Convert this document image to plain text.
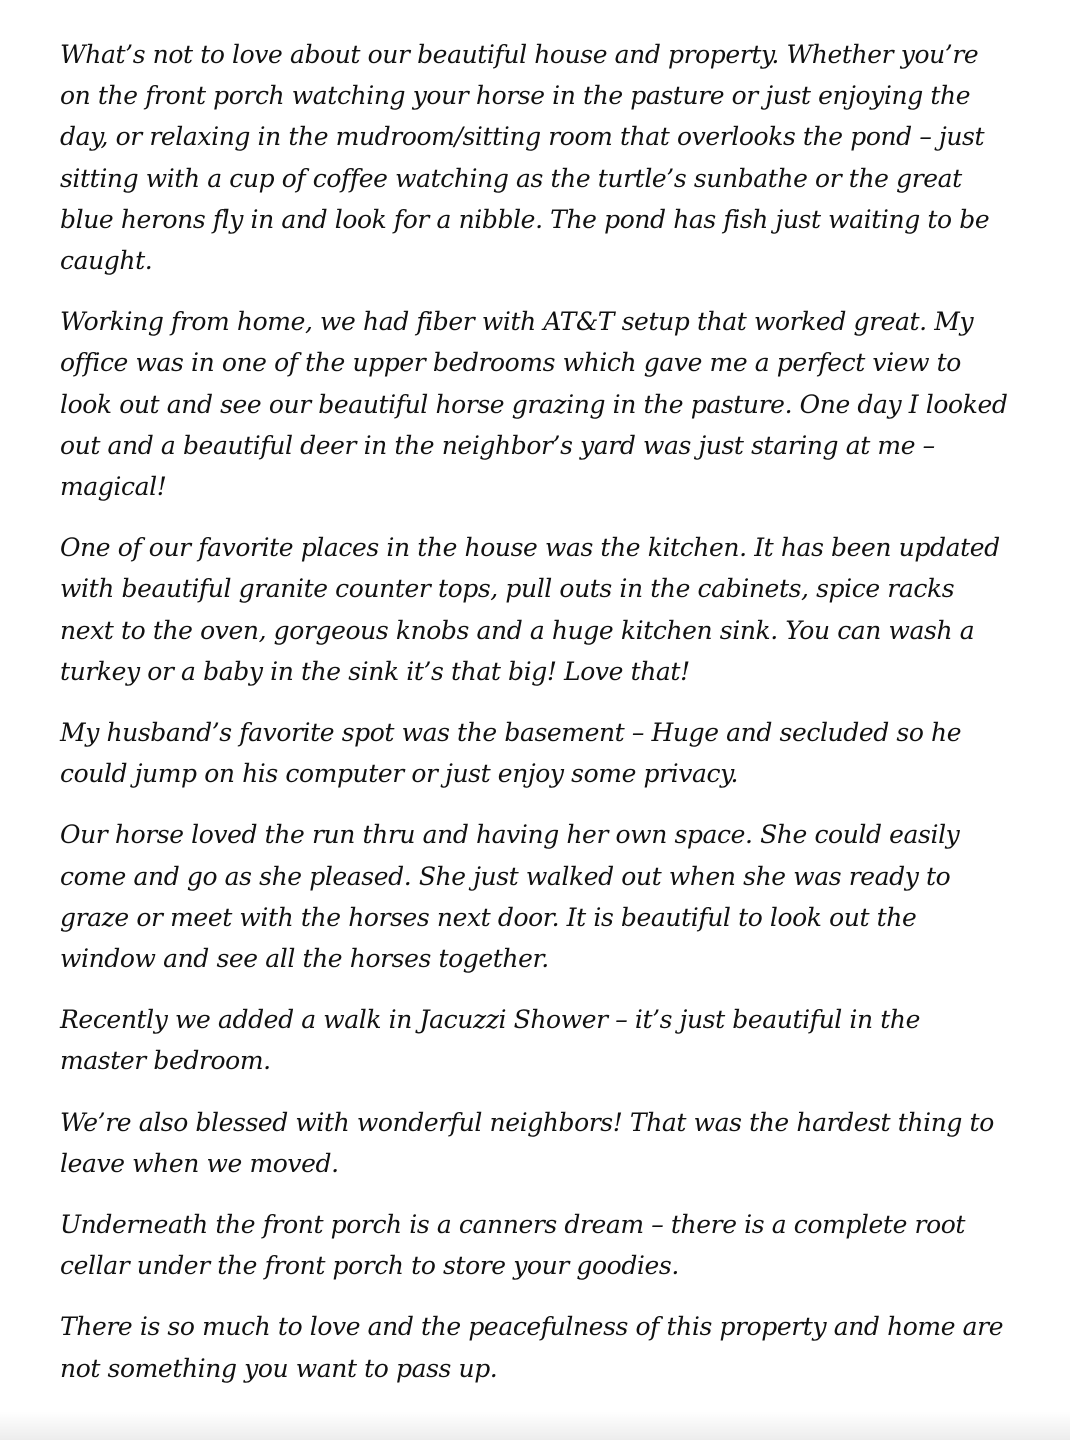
What’s not to love about our beautiful house and property. Whether you’re on the front porch watching your horse in the pasture or just enjoying the day, or relaxing in the mudroom/sitting room that overlooks the pond – just sitting with a cup of coffee watching as the turtle’s sunbathe or the great blue herons fly in and look for a nibble. The pond has fish just waiting to be caught.

Working from home, we had fiber with AT&T setup that worked great. My office was in one of the upper bedrooms which gave me a perfect view to look out and see our beautiful horse grazing in the pasture. One day I looked out and a beautiful deer in the neighbor’s yard was just staring at me – magical!

One of our favorite places in the house was the kitchen. It has been updated with beautiful granite counter tops, pull outs in the cabinets, spice racks next to the oven, gorgeous knobs and a huge kitchen sink. You can wash a turkey or a baby in the sink it’s that big! Love that!

My husband’s favorite spot was the basement – Huge and secluded so he could jump on his computer or just enjoy some privacy.

Our horse loved the run thru and having her own space. She could easily come and go as she pleased. She just walked out when she was ready to graze or meet with the horses next door. It is beautiful to look out the window and see all the horses together.

Recently we added a walk in Jacuzzi Shower – it’s just beautiful in the master bedroom.

We’re also blessed with wonderful neighbors! That was the hardest thing to leave when we moved.

Underneath the front porch is a canners dream – there is a complete root cellar under the front porch to store your goodies.

There is so much to love and the peacefulness of this property and home are not something you want to pass up.
